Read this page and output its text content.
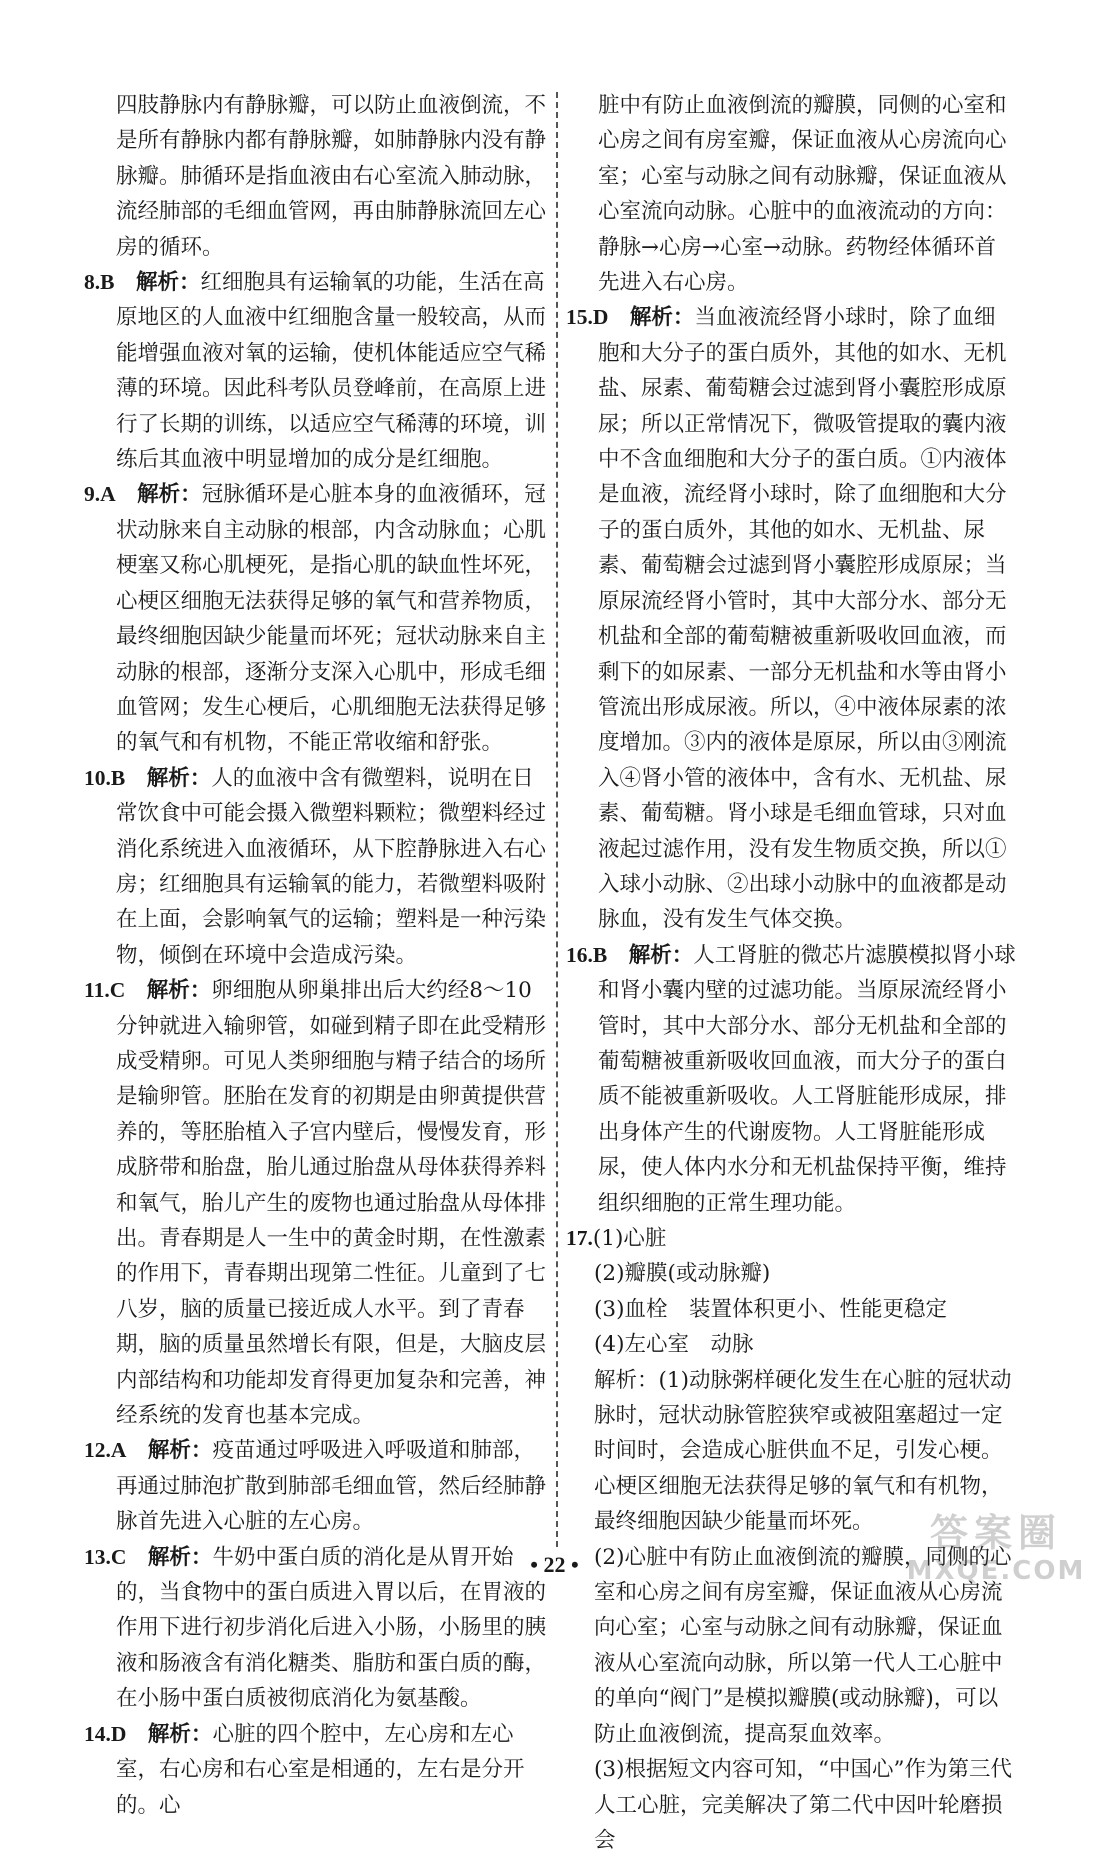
四肢静脉内有静脉瓣，可以防止血液倒流，不是所有静脉内都有静脉瓣，如肺静脉内没有静脉瓣。肺循环是指血液由右心室流入肺动脉，流经肺部的毛细血管网，再由肺静脉流回左心房的循环。

8.B　 解析：红细胞具有运输氧的功能，生活在高原地区的人血液中红细胞含量一般较高，从而能增强血液对氧的运输，使机体能适应空气稀薄的环境。因此科考队员登峰前，在高原上进行了长期的训练，以适应空气稀薄的环境，训练后其血液中明显增加的成分是红细胞。

9.A　 解析：冠脉循环是心脏本身的血液循环，冠状动脉来自主动脉的根部，内含动脉血；心肌梗塞又称心肌梗死，是指心肌的缺血性坏死，心梗区细胞无法获得足够的氧气和营养物质，最终细胞因缺少能量而坏死；冠状动脉来自主动脉的根部，逐渐分支深入心肌中，形成毛细血管网；发生心梗后，心肌细胞无法获得足够的氧气和有机物，不能正常收缩和舒张。

10.B　 解析：人的血液中含有微塑料，说明在日常饮食中可能会摄入微塑料颗粒；微塑料经过消化系统进入血液循环，从下腔静脉进入右心房；红细胞具有运输氧的能力，若微塑料吸附在上面，会影响氧气的运输；塑料是一种污染物，倾倒在环境中会造成污染。

11.C　 解析：卵细胞从卵巢排出后大约经8～10分钟就进入输卵管，如碰到精子即在此受精形成受精卵。可见人类卵细胞与精子结合的场所是输卵管。胚胎在发育的初期是由卵黄提供营养的，等胚胎植入子宫内壁后，慢慢发育，形成脐带和胎盘，胎儿通过胎盘从母体获得养料和氧气，胎儿产生的废物也通过胎盘从母体排出。青春期是人一生中的黄金时期，在性激素的作用下，青春期出现第二性征。儿童到了七八岁，脑的质量已接近成人水平。到了青春期，脑的质量虽然增长有限，但是，大脑皮层内部结构和功能却发育得更加复杂和完善，神经系统的发育也基本完成。

12.A　 解析：疫苗通过呼吸进入呼吸道和肺部，再通过肺泡扩散到肺部毛细血管，然后经肺静脉首先进入心脏的左心房。

13.C　 解析：牛奶中蛋白质的消化是从胃开始的，当食物中的蛋白质进入胃以后，在胃液的作用下进行初步消化后进入小肠，小肠里的胰液和肠液含有消化糖类、脂肪和蛋白质的酶，在小肠中蛋白质被彻底消化为氨基酸。

14.D　 解析：心脏的四个腔中，左心房和左心室，右心房和右心室是相通的，左右是分开的。心

脏中有防止血液倒流的瓣膜，同侧的心室和心房之间有房室瓣，保证血液从心房流向心室；心室与动脉之间有动脉瓣，保证血液从心室流向动脉。心脏中的血液流动的方向：静脉→心房→心室→动脉。药物经体循环首先进入右心房。

15.D　 解析：当血液流经肾小球时，除了血细胞和大分子的蛋白质外，其他的如水、无机盐、尿素、葡萄糖会过滤到肾小囊腔形成原尿；所以正常情况下，微吸管提取的囊内液中不含血细胞和大分子的蛋白质。①内液体是血液，流经肾小球时，除了血细胞和大分子的蛋白质外，其他的如水、无机盐、尿素、葡萄糖会过滤到肾小囊腔形成原尿；当原尿流经肾小管时，其中大部分水、部分无机盐和全部的葡萄糖被重新吸收回血液，而剩下的如尿素、一部分无机盐和水等由肾小管流出形成尿液。所以，④中液体尿素的浓度增加。③内的液体是原尿，所以由③刚流入④肾小管的液体中，含有水、无机盐、尿素、葡萄糖。肾小球是毛细血管球，只对血液起过滤作用，没有发生物质交换，所以①入球小动脉、②出球小动脉中的血液都是动脉血，没有发生气体交换。

16.B　 解析：人工肾脏的微芯片滤膜模拟肾小球和肾小囊内壁的过滤功能。当原尿流经肾小管时，其中大部分水、部分无机盐和全部的葡萄糖被重新吸收回血液，而大分子的蛋白质不能被重新吸收。人工肾脏能形成尿，排出身体产生的代谢废物。人工肾脏能形成尿，使人体内水分和无机盐保持平衡，维持组织细胞的正常生理功能。

17.(1)心脏

(2)瓣膜(或动脉瓣)

(3)血栓　装置体积更小、性能更稳定

(4)左心室　动脉

解析：(1)动脉粥样硬化发生在心脏的冠状动脉时，冠状动脉管腔狭窄或被阻塞超过一定时间时，会造成心脏供血不足，引发心梗。心梗区细胞无法获得足够的氧气和有机物，最终细胞因缺少能量而坏死。

(2)心脏中有防止血液倒流的瓣膜，同侧的心室和心房之间有房室瓣，保证血液从心房流向心室；心室与动脉之间有动脉瓣，保证血液从心室流向动脉，所以第一代人工心脏中的单向“阀门”是模拟瓣膜(或动脉瓣)，可以防止血液倒流，提高泵血效率。

(3)根据短文内容可知，“中国心”作为第三代人工心脏，完美解决了第二代中因叶轮磨损会

• 22 •
答案圈
MXQE.COM
